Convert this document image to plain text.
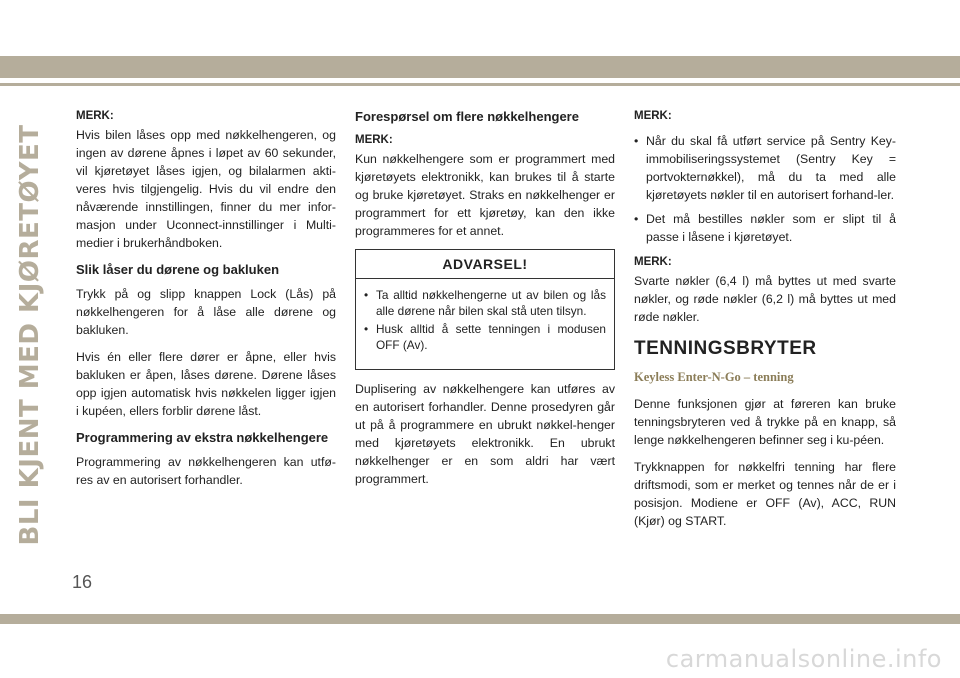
BLI KJENT MED KJØRETØYET
MERK:

Hvis bilen låses opp med nøkkelhengeren, og ingen av dørene åpnes i løpet av 60 sekunder, vil kjøretøyet låses igjen, og bilalarmen akti-veres hvis tilgjengelig. Hvis du vil endre den nåværende innstillingen, finner du mer infor-masjon under Uconnect-innstillinger i Multi-medier i brukerhåndboken.

Slik låser du dørene og bakluken

Trykk på og slipp knappen Lock (Lås) på nøkkelhengeren for å låse alle dørene og bakluken.

Hvis én eller flere dører er åpne, eller hvis bakluken er åpen, låses dørene. Dørene låses opp igjen automatisk hvis nøkkelen ligger igjen i kupéen, ellers forblir dørene låst.

Programmering av ekstra nøkkelhengere

Programmering av nøkkelhengeren kan utfø-res av en autorisert forhandler.

Forespørsel om flere nøkkelhengere
MERK:

Kun nøkkelhengere som er programmert med kjøretøyets elektronikk, kan brukes til å starte og bruke kjøretøyet. Straks en nøkkelhenger er programmert for ett kjøretøy, kan den ikke programmeres for et annet.

ADVARSEL!
• Ta alltid nøkkelhengerne ut av bilen og lås alle dørene når bilen skal stå uten tilsyn.
• Husk alltid å sette tenningen i modusen OFF (Av).

Duplisering av nøkkelhengere kan utføres av en autorisert forhandler. Denne prosedyren går ut på å programmere en ubrukt nøkkel-henger med kjøretøyets elektronikk. En ubrukt nøkkelhenger er en som aldri har vært programmert.

MERK:
• Når du skal få utført service på Sentry Key-immobiliseringssystemet (Sentry Key = portvokternøkkel), må du ta med alle kjøretøyets nøkler til en autorisert forhand-ler.
• Det må bestilles nøkler som er slipt til å passe i låsene i kjøretøyet.
MERK:

Svarte nøkler (6,4 l) må byttes ut med svarte nøkler, og røde nøkler (6,2 l) må byttes ut med røde nøkler.

TENNINGSBRYTER
Keyless Enter-N-Go – tenning

Denne funksjonen gjør at føreren kan bruke tenningsbryteren ved å trykke på en knapp, så lenge nøkkelhengeren befinner seg i ku-péen.

Trykknappen for nøkkelfri tenning har flere driftsmodi, som er merket og tennes når de er i posisjon. Modiene er OFF (Av), ACC, RUN (Kjør) og START.

16
carmanualsonline.info
